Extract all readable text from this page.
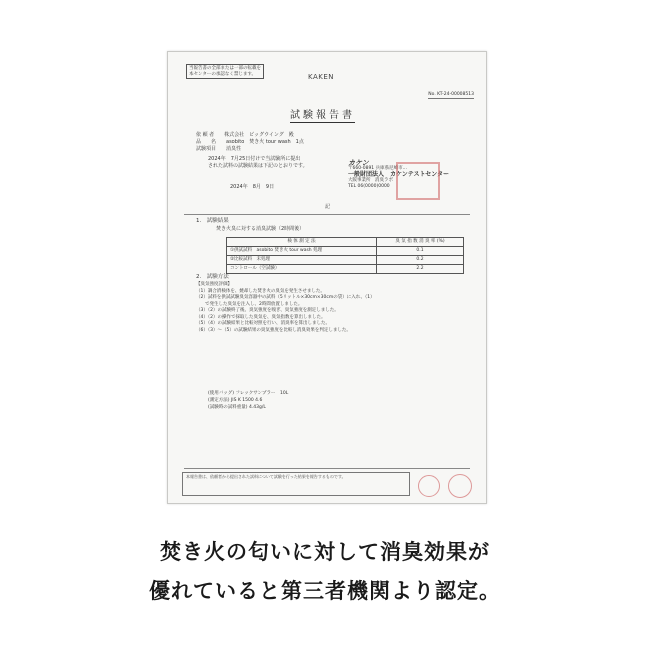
当報告書の全部または一部の転載を
本センターの承認なく禁じます。	KAKEN
No. KT-24-00008513
試験報告書
依 頼 者　　株式会社　ビッグウイング　殿
品　　名　　asobito　焚き火 tour wash　1点
試験項目　　消臭性
2024年　7月25日付けで当試験所に提出
された試料の試験結果は下記のとおりです。
2024年　8月　9日
カケン
〒660-0891 兵庫県尼崎市...
一般財団法人　カケンテストセンター
大阪事業所　消臭ラボ
TEL 06(0000)0000
記
1.　試験結果
焚き火臭に対する消臭試験（2時間後）
検 体 測 定 法	臭 気 指 数 消 臭 率 (%)
①供試試料　asobito 焚き火 tour wash 処理	0.1
②比較試料　未処理	0.2
コントロール（空試験）	2.2
2.　試験方法
【臭気強度評価】
（1）調合済検体を、焼却した焚き火の臭気を発生させました。
（2）試料を供試試験臭気容器中の試料（5リットル×30cm×30cmの袋）に入れ、（1）
　　で発生した臭気を注入し、2時間放置しました。
（3）（2）の試験終了後、臭気強度を嗅ぎ、臭気強度を測定しました。
（4）（2）の操作で採取した臭気を、臭気指数を算出しました。
（5）（4）の試験結果と比較対照を行い、消臭率を算出しました。
（6）（3）～（5）の試験結果の臭気強度を比較し消臭効果を判定しました。
(使用バッグ) フレックサンプラー　10L
(測定方法) JIS K 1500 4.6
(試験時の試料重量) 4.43g/L
本報告書は、依頼者から提出された試料について試験を行った結果を報告するものです。
焚き火の匂いに対して消臭効果が
優れていると第三者機関より認定。
